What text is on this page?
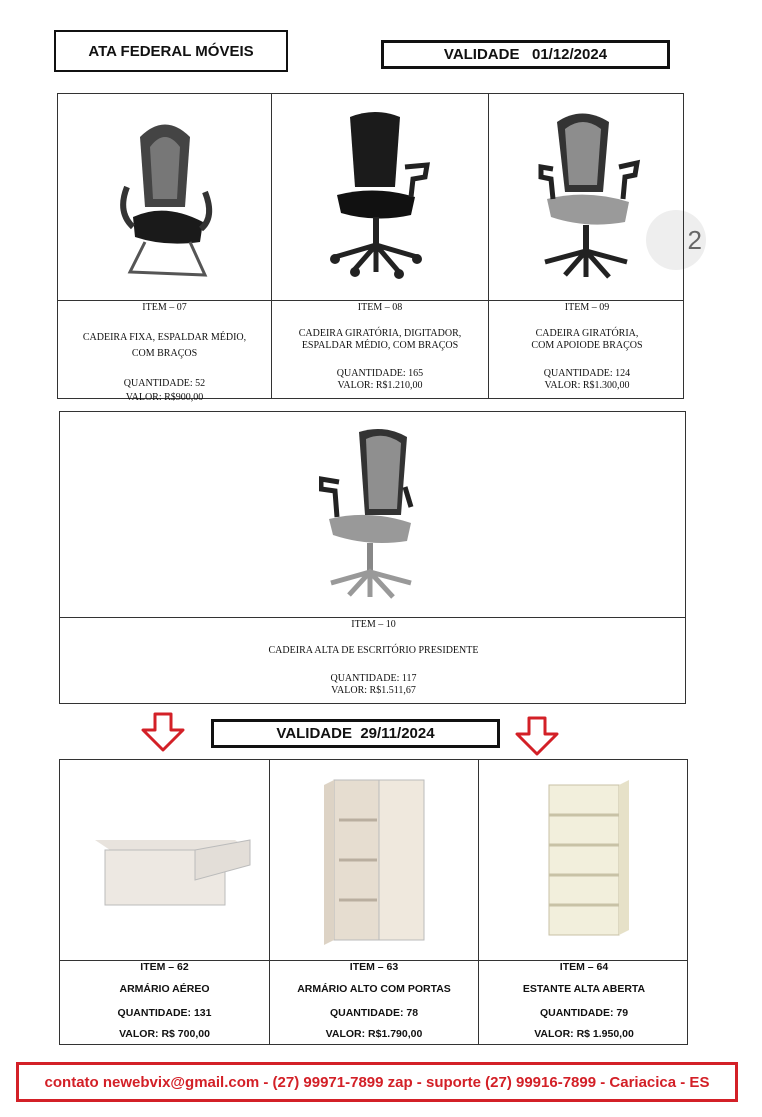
ATA FEDERAL MÓVEIS	VALIDADE   01/12/2024
2
ITEM – 07
CADEIRA FIXA, ESPALDAR MÉDIO,
COM BRAÇOS
QUANTIDADE: 52
VALOR: R$900,00
ITEM – 08
CADEIRA GIRATÓRIA, DIGITADOR,
ESPALDAR MÉDIO, COM BRAÇOS
QUANTIDADE: 165
VALOR: R$1.210,00
ITEM – 09
CADEIRA GIRATÓRIA,
COM APOIODE BRAÇOS
QUANTIDADE: 124
VALOR: R$1.300,00
ITEM – 10
CADEIRA ALTA DE ESCRITÓRIO PRESIDENTE
QUANTIDADE: 117
VALOR: R$1.511,67
VALIDADE  29/11/2024
ITEM – 62
ARMÁRIO AÉREO
QUANTIDADE: 131
VALOR: R$ 700,00
ITEM – 63
ARMÁRIO ALTO COM PORTAS
QUANTIDADE: 78
VALOR: R$1.790,00
ITEM – 64
ESTANTE ALTA ABERTA
QUANTIDADE: 79
VALOR: R$ 1.950,00
contato newebvix@gmail.com - (27) 99971-7899 zap - suporte (27) 99916-7899 - Cariacica - ES
